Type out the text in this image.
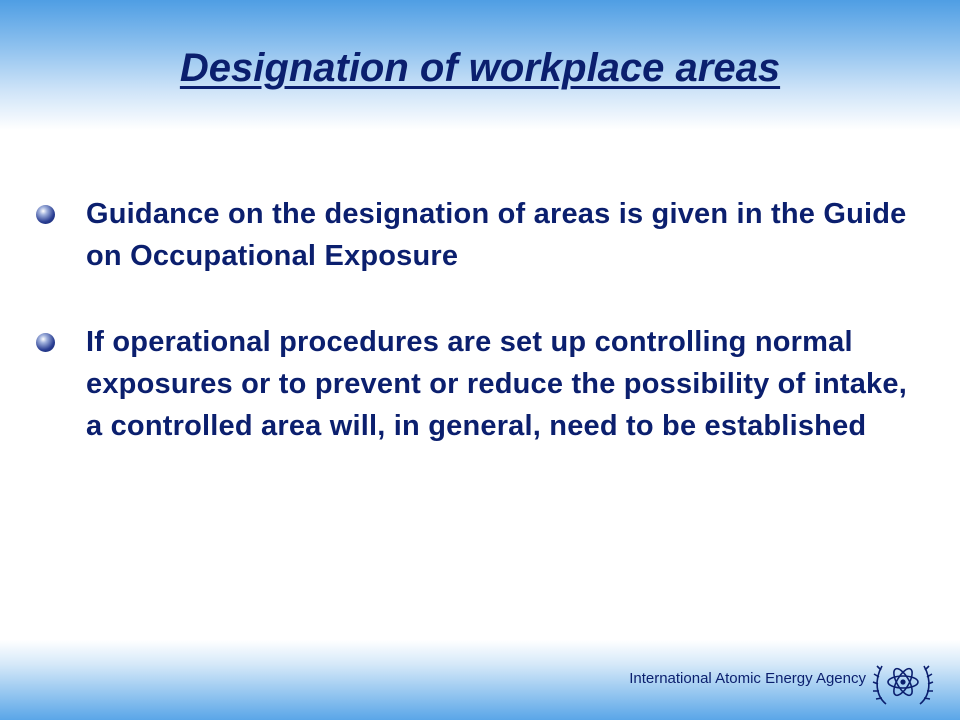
Designation of workplace areas
Guidance on the designation of areas is given in the Guide on Occupational Exposure
If operational procedures are set up controlling normal exposures or to prevent or reduce the possibility of intake, a controlled area will, in general, need to be established
International Atomic Energy Agency
